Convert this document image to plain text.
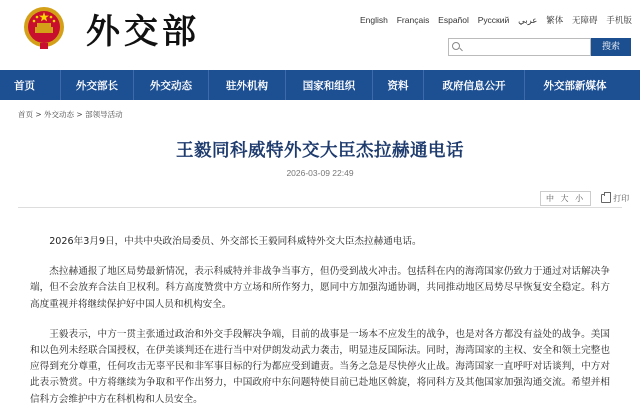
外交部	English Français Español Русский عربي 繁体 无障碍 手机版
搜索
首页	外交部长	外交动态	驻外机构	国家和组织	资料	政府信息公开	外交部新媒体
首页 > 外交动态 > 部领导活动
王毅同科威特外交大臣杰拉赫通电话
2026-03-09 22:49
中 大 小	打印

2026年3月9日，中共中央政治局委员、外交部长王毅同科威特外交大臣杰拉赫通电话。

杰拉赫通报了地区局势最新情况，表示科威特并非战争当事方，但仍受到战火冲击。包括科在内的海湾国家仍致力于通过对话解决争端，但不会放弃合法自卫权利。科方高度赞赏中方立场和所作努力，愿同中方加强沟通协调，共同推动地区局势尽早恢复安全稳定。科方高度重视并将继续保护好中国人员和机构安全。

王毅表示，中方一贯主张通过政治和外交手段解决争端，目前的战事是一场本不应发生的战争，也是对各方都没有益处的战争。美国和以色列未经联合国授权，在伊美谈判还在进行当中对伊朗发动武力袭击，明显违反国际法。同时，海湾国家的主权、安全和领土完整也应得到充分尊重，任何攻击无辜平民和非军事目标的行为都应受到谴责。当务之急是尽快停火止战。海湾国家一直呼吁对话谈判，中方对此表示赞赏。中方将继续为争取和平作出努力，中国政府中东问题特使目前已赴地区斡旋，将同科方及其他国家加强沟通交流。希望并相信科方会维护中方在科机构和人员安全。
